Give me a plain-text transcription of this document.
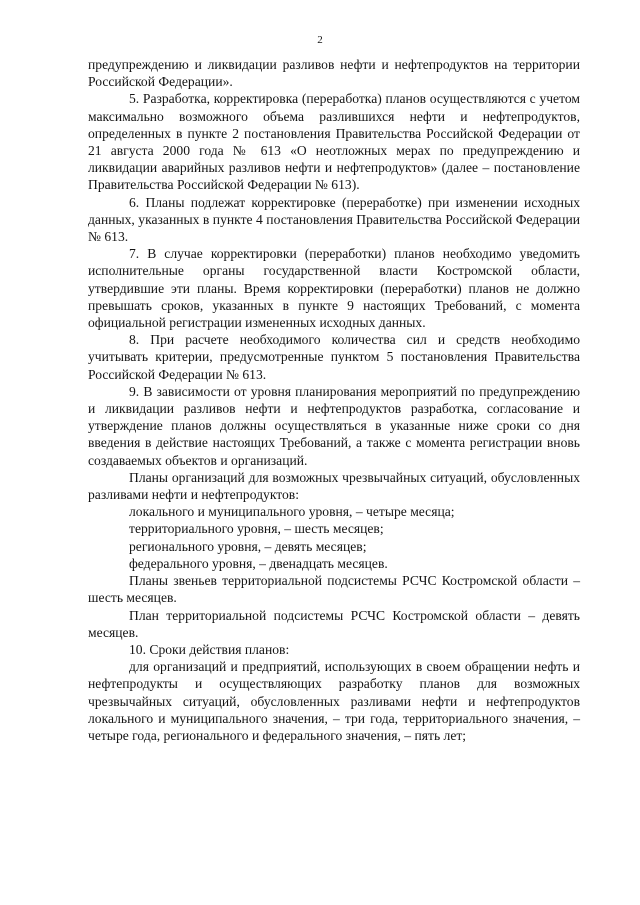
2

предупреждению и ликвидации разливов нефти и нефтепродуктов на территории Российской Федерации».

5. Разработка, корректировка (переработка) планов осуществляются с учетом максимально возможного объема разлившихся нефти и нефтепродуктов, определенных в пункте 2 постановления Правительства Российской Федерации от 21 августа 2000 года № 613 «О неотложных мерах по предупреждению и ликвидации аварийных разливов нефти и нефтепродуктов» (далее – постановление Правительства Российской Федерации № 613).

6. Планы подлежат корректировке (переработке) при изменении исходных данных, указанных в пункте 4 постановления Правительства Российской Федерации № 613.

7. В случае корректировки (переработки) планов необходимо уведомить исполнительные органы государственной власти Костромской области, утвердившие эти планы. Время корректировки (переработки) планов не должно превышать сроков, указанных в пункте 9 настоящих Требований, с момента официальной регистрации измененных исходных данных.

8. При расчете необходимого количества сил и средств необходимо учитывать критерии, предусмотренные пунктом 5 постановления Правительства Российской Федерации № 613.

9. В зависимости от уровня планирования мероприятий по предупреждению и ликвидации разливов нефти и нефтепродуктов разработка, согласование и утверждение планов должны осуществляться в указанные ниже сроки со дня введения в действие настоящих Требований, а также с момента регистрации вновь создаваемых объектов и организаций.

Планы организаций для возможных чрезвычайных ситуаций, обусловленных разливами нефти и нефтепродуктов:

локального и муниципального уровня, – четыре месяца;

территориального уровня, – шесть месяцев;

регионального уровня, – девять месяцев;

федерального уровня, – двенадцать месяцев.

Планы звеньев территориальной подсистемы РСЧС Костромской области – шесть месяцев.

План территориальной подсистемы РСЧС Костромской области – девять месяцев.

10. Сроки действия планов:

для организаций и предприятий, использующих в своем обращении нефть и нефтепродукты и осуществляющих разработку планов для возможных чрезвычайных ситуаций, обусловленных разливами нефти и нефтепродуктов локального и муниципального значения, – три года, территориального значения, – четыре года, регионального и федерального значения, – пять лет;
